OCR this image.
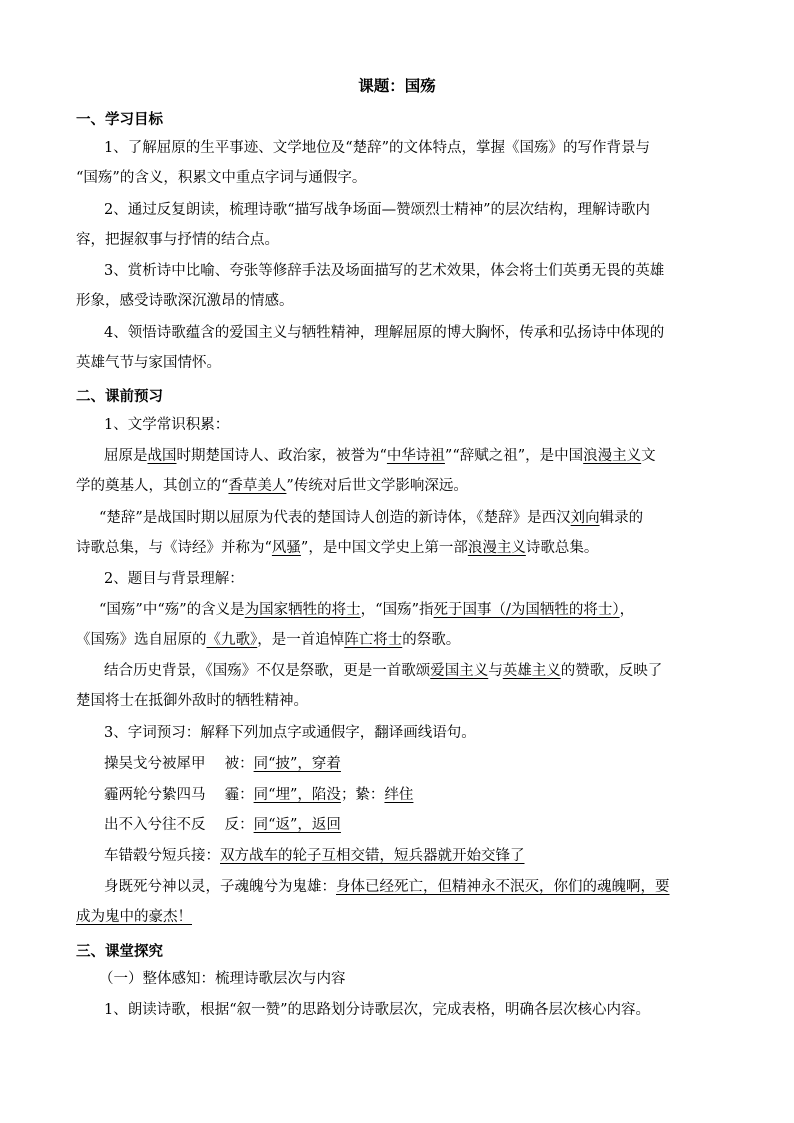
课题：国殇
一、学习目标
1、了解屈原的生平事迹、文学地位及“楚辞”的文体特点，掌握《国殇》的写作背景与
“国殇”的含义，积累文中重点字词与通假字。
2、通过反复朗读，梳理诗歌“描写战争场面—赞颂烈士精神”的层次结构，理解诗歌内
容，把握叙事与抒情的结合点。
3、赏析诗中比喻、夸张等修辞手法及场面描写的艺术效果，体会将士们英勇无畏的英雄
形象，感受诗歌深沉激昂的情感。
4、领悟诗歌蕴含的爱国主义与牺牲精神，理解屈原的博大胸怀，传承和弘扬诗中体现的
英雄气节与家国情怀。
二、课前预习
1、文学常识积累：
屈原是战国时期楚国诗人、政治家，被誉为“中华诗祖”“辞赋之祖”，是中国浪漫主义文
学的奠基人，其创立的“香草美人”传统对后世文学影响深远。
“楚辞”是战国时期以屈原为代表的楚国诗人创造的新诗体，《楚辞》是西汉刘向辑录的
诗歌总集，与《诗经》并称为“风骚”，是中国文学史上第一部浪漫主义诗歌总集。
2、题目与背景理解：
“国殇”中“殇”的含义是为国家牺牲的将士，“国殇”指死于国事（/为国牺牲的将士），
《国殇》选自屈原的《九歌》，是一首追悼阵亡将士的祭歌。
结合历史背景，《国殇》不仅是祭歌，更是一首歌颂爱国主义与英雄主义的赞歌，反映了
楚国将士在抵御外敌时的牺牲精神。
3、字词预习：解释下列加点字或通假字，翻译画线语句。
操吴戈兮被犀甲　 被：同“披”，穿着
霾两轮兮絷四马　 霾：同“埋”，陷没；絷：绊住
出不入兮往不反　 反：同“返”，返回
车错毂兮短兵接：双方战车的轮子互相交错，短兵器就开始交锋了
身既死兮神以灵，子魂魄兮为鬼雄：身体已经死亡，但精神永不泯灭，你们的魂魄啊，要
成为鬼中的豪杰！
三、课堂探究
（一）整体感知：梳理诗歌层次与内容
1、朗读诗歌，根据“叙一赞”的思路划分诗歌层次，完成表格，明确各层次核心内容。
